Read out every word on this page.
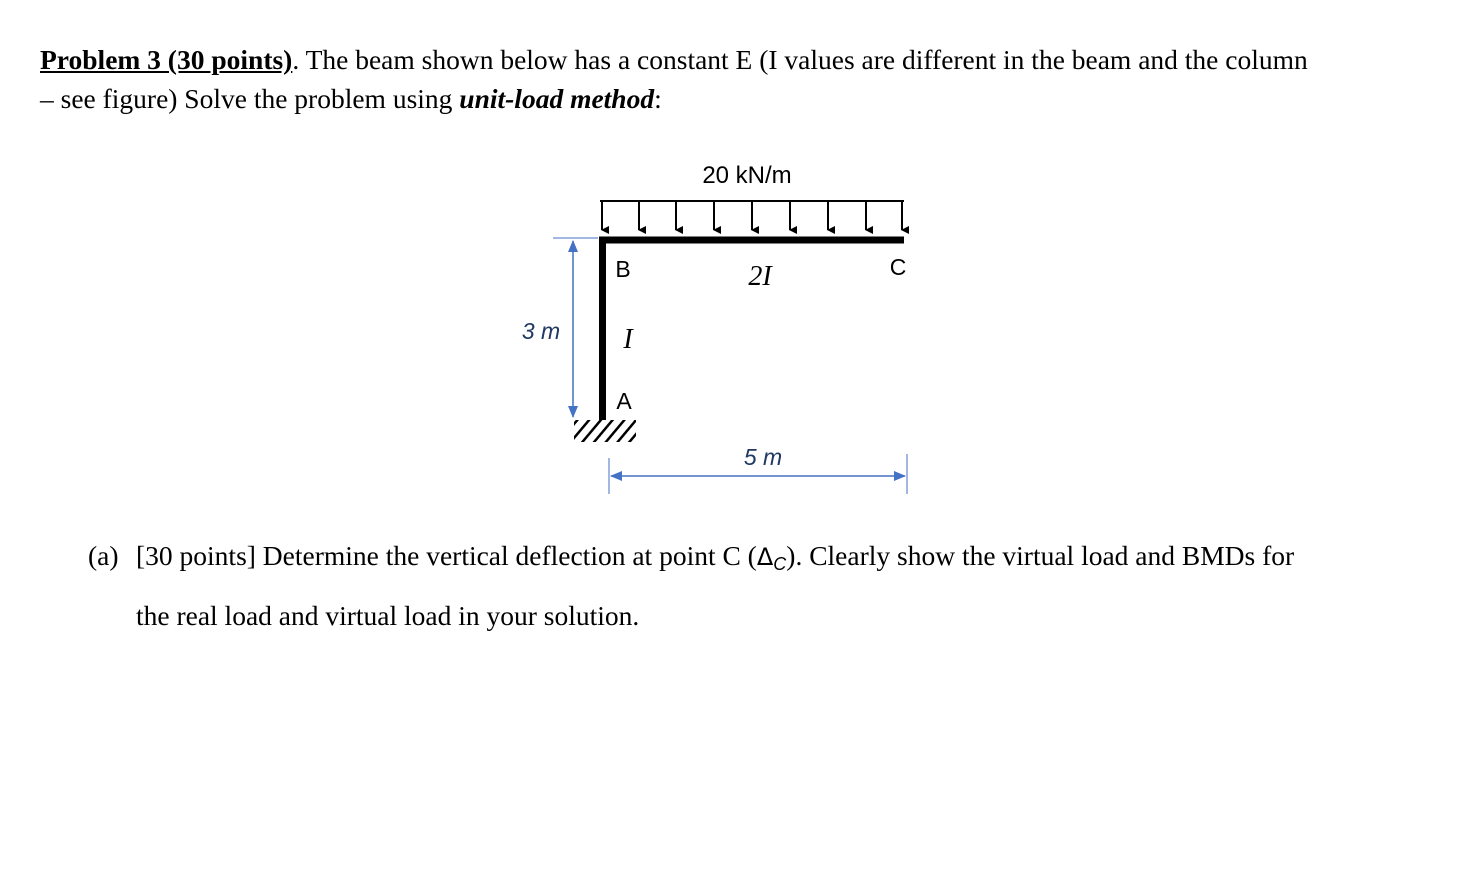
Problem 3 (30 points). The beam shown below has a constant E (I values are different in the beam and the column
– see figure) Solve the problem using unit-load method:
20 kN/m
B	C
A
2I
I
3 m
5 m
(a) [30 points] Determine the vertical deflection at point C $(\Delta_C)$. Clearly show the virtual load and BMDs for
the real load and virtual load in your solution.
